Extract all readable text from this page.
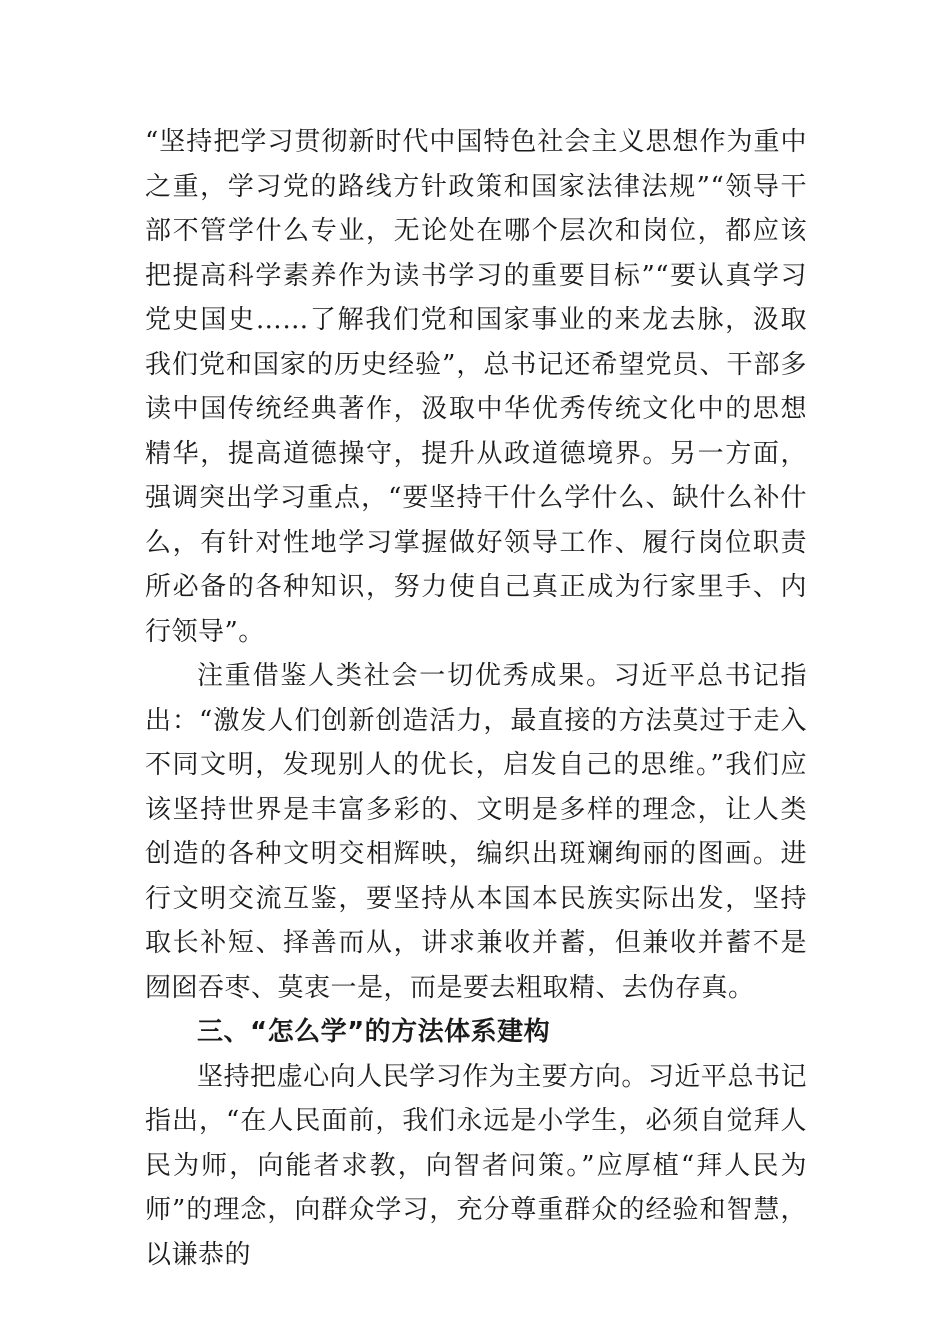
“坚持把学习贯彻新时代中国特色社会主义思想作为重中之重，学习党的路线方针政策和国家法律法规”“领导干部不管学什么专业，无论处在哪个层次和岗位，都应该把提高科学素养作为读书学习的重要目标”“要认真学习党史国史……了解我们党和国家事业的来龙去脉，汲取我们党和国家的历史经验”，总书记还希望党员、干部多读中国传统经典著作，汲取中华优秀传统文化中的思想精华，提高道德操守，提升从政道德境界。另一方面，强调突出学习重点，“要坚持干什么学什么、缺什么补什么，有针对性地学习掌握做好领导工作、履行岗位职责所必备的各种知识，努力使自己真正成为行家里手、内行领导”。

注重借鉴人类社会一切优秀成果。习近平总书记指出：“激发人们创新创造活力，最直接的方法莫过于走入不同文明，发现别人的优长，启发自己的思维。”我们应该坚持世界是丰富多彩的、文明是多样的理念，让人类创造的各种文明交相辉映，编织出斑斓绚丽的图画。进行文明交流互鉴，要坚持从本国本民族实际出发，坚持取长补短、择善而从，讲求兼收并蓄，但兼收并蓄不是囫囵吞枣、莫衷一是，而是要去粗取精、去伪存真。

三、“怎么学”的方法体系建构

坚持把虚心向人民学习作为主要方向。习近平总书记指出，“在人民面前，我们永远是小学生，必须自觉拜人民为师，向能者求教，向智者问策。”应厚植“拜人民为师”的理念，向群众学习，充分尊重群众的经验和智慧，以谦恭的
